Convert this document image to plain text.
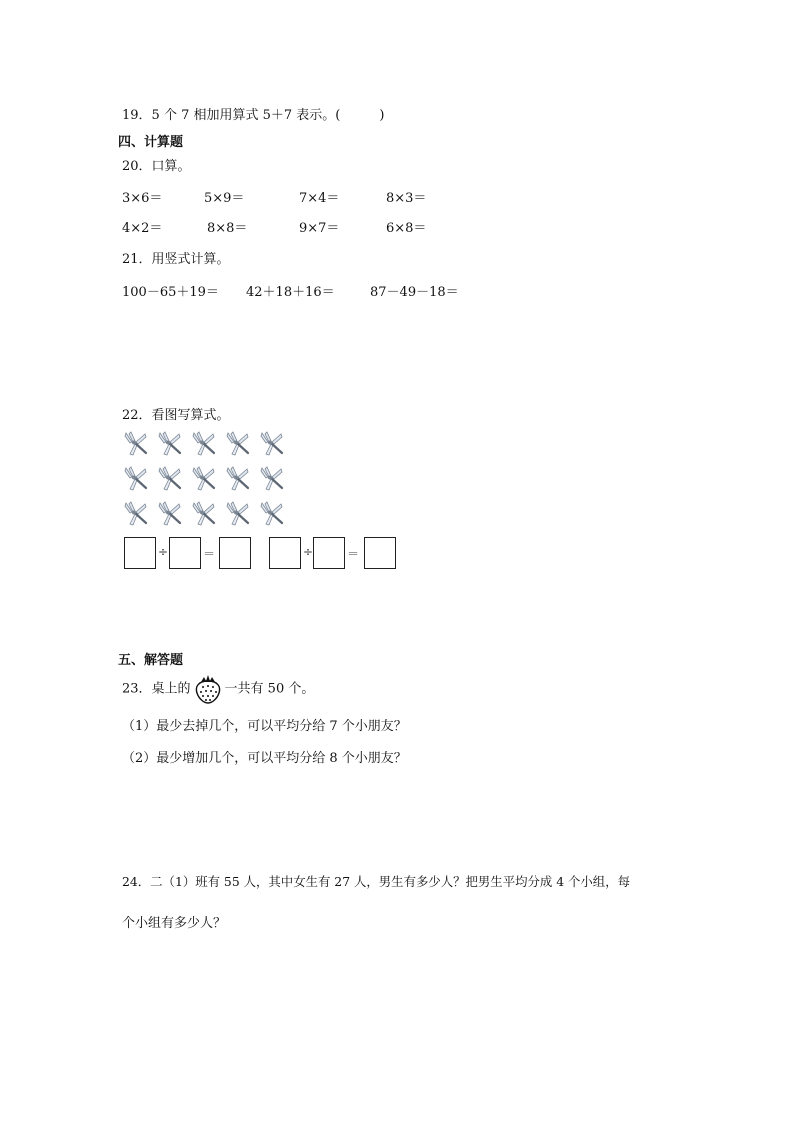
19．5 个 7 相加用算式 5＋7 表示。(　　　)
四、计算题
20．口算。
3×6＝	5×9＝	7×4＝	8×3＝
4×2＝	8×8＝	9×7＝	6×8＝
21．用竖式计算。
100－65＋19＝ 42＋18＋16＝	87－49－18＝
22．看图写算式。
÷	＝	÷	＝
五、解答题
23．桌上的	一共有 50 个。
（1）最少去掉几个，可以平均分给 7 个小朋友？
（2）最少增加几个，可以平均分给 8 个小朋友？
24．二（1）班有 55 人，其中女生有 27 人，男生有多少人？把男生平均分成 4 个小组，每
个小组有多少人？
